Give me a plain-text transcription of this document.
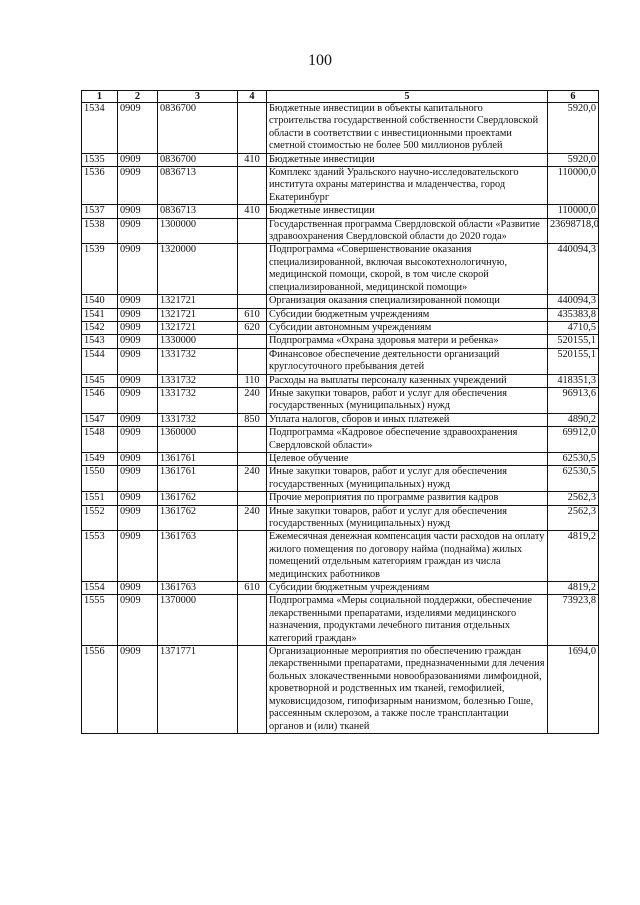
100
1	2	3	4	5	6
1534	0909	0836700		Бюджетные инвестиции в объекты капитального строительства государственной собственности Свердловской области в соответствии с инвестиционными проектами сметной стоимостью не более 500 миллионов рублей	5920,0
1535	0909	0836700	410	Бюджетные инвестиции	5920,0
1536	0909	0836713		Комплекс зданий Уральского научно-исследовательского института охраны материнства и младенчества, город Екатеринбург	110000,0
1537	0909	0836713	410	Бюджетные инвестиции	110000,0
1538	0909	1300000		Государственная программа Свердловской области «Развитие здравоохранения Свердловской области до 2020 года»	23698718,0
1539	0909	1320000		Подпрограмма «Совершенствование оказания специализированной, включая высокотехнологичную, медицинской помощи, скорой, в том числе скорой специализированной, медицинской помощи»	440094,3
1540	0909	1321721		Организация оказания специализированной помощи	440094,3
1541	0909	1321721	610	Субсидии бюджетным учреждениям	435383,8
1542	0909	1321721	620	Субсидии автономным учреждениям	4710,5
1543	0909	1330000		Подпрограмма «Охрана здоровья матери и ребенка»	520155,1
1544	0909	1331732		Финансовое обеспечение деятельности организаций круглосуточного пребывания детей	520155,1
1545	0909	1331732	110	Расходы на выплаты персоналу казенных учреждений	418351,3
1546	0909	1331732	240	Иные закупки товаров, работ и услуг для обеспечения государственных (муниципальных) нужд	96913,6
1547	0909	1331732	850	Уплата налогов, сборов и иных платежей	4890,2
1548	0909	1360000		Подпрограмма «Кадровое обеспечение здравоохранения Свердловской области»	69912,0
1549	0909	1361761		Целевое обучение	62530,5
1550	0909	1361761	240	Иные закупки товаров, работ и услуг для обеспечения государственных (муниципальных) нужд	62530,5
1551	0909	1361762		Прочие мероприятия по программе развития кадров	2562,3
1552	0909	1361762	240	Иные закупки товаров, работ и услуг для обеспечения государственных (муниципальных) нужд	2562,3
1553	0909	1361763		Ежемесячная денежная компенсация части расходов на оплату жилого помещения по договору найма (поднайма) жилых помещений отдельным категориям граждан из числа медицинских работников	4819,2
1554	0909	1361763	610	Субсидии бюджетным учреждениям	4819,2
1555	0909	1370000		Подпрограмма «Меры социальной поддержки, обеспечение лекарственными препаратами, изделиями медицинского назначения, продуктами лечебного питания отдельных категорий граждан»	73923,8
1556	0909	1371771		Организационные мероприятия по обеспечению граждан лекарственными препаратами, предназначенными для лечения больных злокачественными новообразованиями лимфоидной, кроветворной и родственных им тканей, гемофилией, муковисцидозом, гипофизарным нанизмом, болезнью Гоше, рассеянным склерозом, а также после трансплантации органов и (или) тканей	1694,0
